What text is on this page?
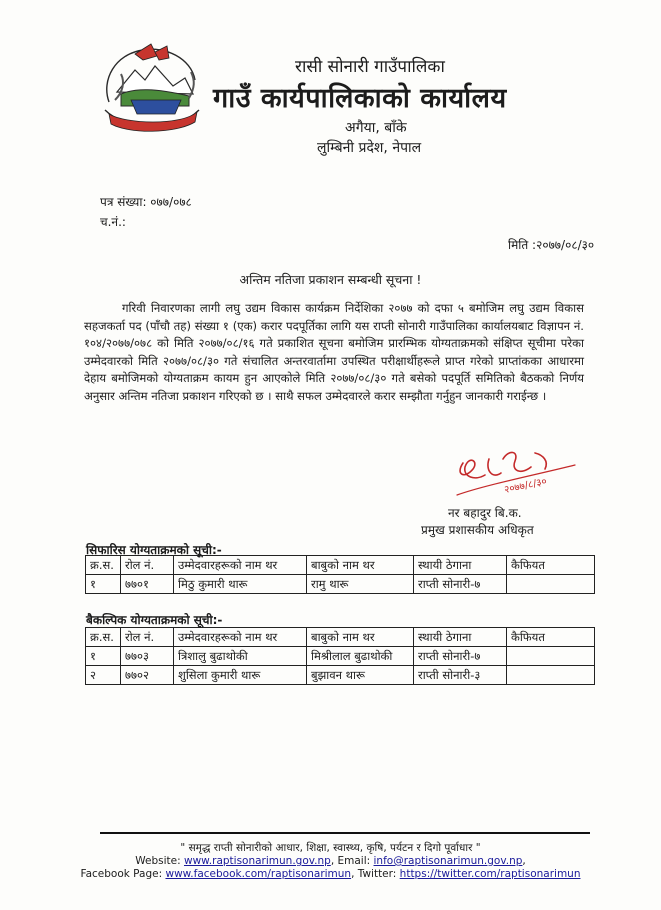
रासी सोनारी गाउँपालिका
गाउँ कार्यपालिकाको कार्यालय
अगैया, बाँके
लुम्बिनी प्रदेश, नेपाल
पत्र संख्या: ०७७/०७८
च.नं.:
मिति :२०७७/०८/३०
अन्तिम नतिजा प्रकाशन सम्बन्धी सूचना !
गरिवी निवारणका लागी लघु उद्यम विकास कार्यक्रम निर्देशिका २०७७ को दफा ५ बमोजिम लघु उद्यम विकास सहजकर्ता पद (पाँचौ तह) संख्या १ (एक) करार पदपूर्तिका लागि यस राप्ती सोनारी गाउँपालिका कार्यालयबाट विज्ञापन नं. १०४/२०७७/०७८ को मिति २०७७/०८/१६ गते प्रकाशित सूचना बमोजिम प्रारम्भिक योग्यताक्रमको संक्षिप्त सूचीमा परेका उम्मेदवारको मिति २०७७/०८/३० गते संचालित अन्तरवार्तामा उपस्थित परीक्षार्थीहरूले प्राप्त गरेको प्राप्तांकका आधारमा देहाय बमोजिमको योग्यताक्रम कायम हुन आएकोले मिति २०७७/०८/३० गते बसेको पदपूर्ति समितिको बैठकको निर्णय अनुसार अन्तिम नतिजा प्रकाशन गरिएको छ । साथै सफल उम्मेदवारले करार सम्झौता गर्नुहुन जानकारी गराईन्छ ।
२०७७/८/३०
नर बहादुर बि.क.
प्रमुख प्रशासकीय अधिकृत
सिफारिस योग्यताक्रमको सूची:-
क्र.स.	रोल नं.	उम्मेदवारहरूको नाम थर	बाबुको नाम थर	स्थायी ठेगाना	कैफियत
१	७७०१	मिठु कुमारी थारू	रामु थारू	राप्ती सोनारी-७	
बैकल्पिक योग्यताक्रमको सूची:-
क्र.स.	रोल नं.	उम्मेदवारहरूको नाम थर	बाबुको नाम थर	स्थायी ठेगाना	कैफियत
१	७७०३	त्रिशालु बुढाथोकी	मिश्रीलाल बुढाथोकी	राप्ती सोनारी-७	
२	७७०२	शुसिला कुमारी थारू	बुझावन थारू	राप्ती सोनारी-३	
" समृद्ध राप्ती सोनारीको आधार, शिक्षा, स्वास्थ्य, कृषि, पर्यटन र दिगो पूर्वाधार "
Website: www.raptisonarimun.gov.np, Email: info@raptisonarimun.gov.np,
Facebook Page: www.facebook.com/raptisonarimun, Twitter: https://twitter.com/raptisonarimun
